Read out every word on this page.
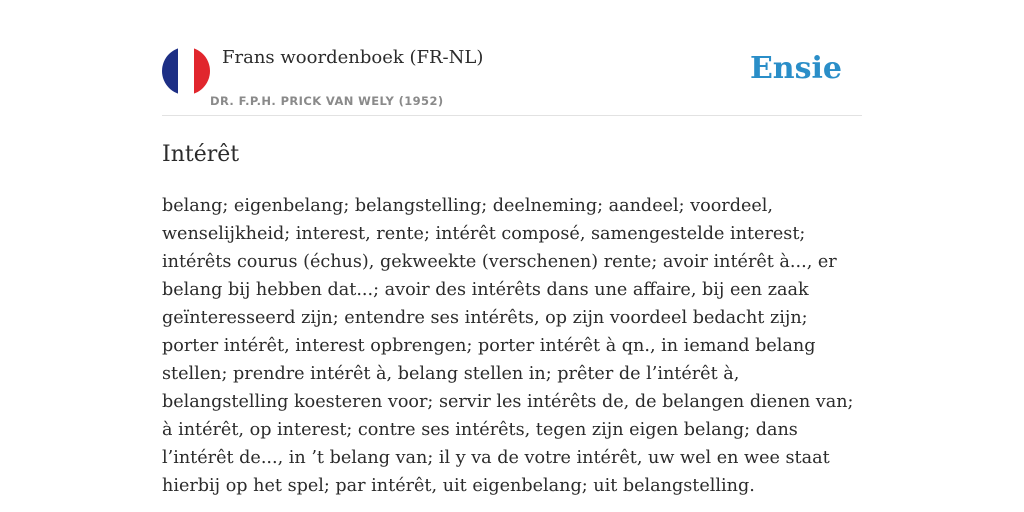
Frans woordenboek (FR-NL)
DR. F.P.H. PRICK VAN WELY (1952)
Ensie
Intérêt

belang; eigenbelang; belangstelling; deelneming; aandeel; voordeel, wenselijkheid; interest, rente; intérêt composé, samengestelde interest; intérêts courus (échus), gekweekte (verschenen) rente; avoir intérêt à..., er belang bij hebben dat...; avoir des intérêts dans une affaire, bij een zaak geïnteresseerd zijn; entendre ses intérêts, op zijn voordeel bedacht zijn; porter intérêt, interest opbrengen; porter intérêt à qn., in iemand belang stellen; prendre intérêt à, belang stellen in; prêter de l’intérêt à, belangstelling koesteren voor; servir les intérêts de, de belangen dienen van; à intérêt, op interest; contre ses intérêts, tegen zijn eigen belang; dans l’intérêt de..., in ’t belang van; il y va de votre intérêt, uw wel en wee staat hierbij op het spel; par intérêt, uit eigenbelang; uit belangstelling.
